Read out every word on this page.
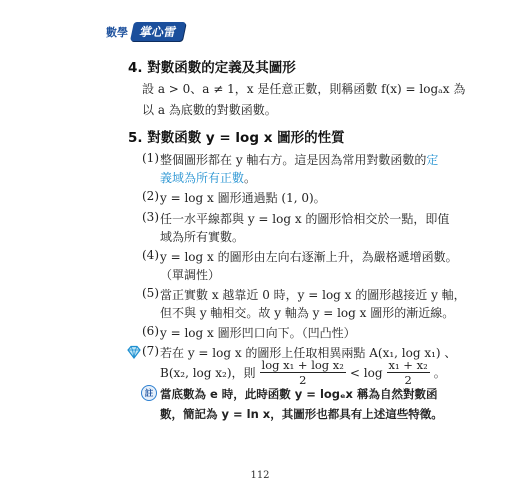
數學 掌心雷
4. 對數函數的定義及其圖形
設 a > 0、a ≠ 1，x 是任意正數，則稱函數 f(x) = logₐx 為
以 a 為底數的對數函數。
5. 對數函數 y = log x 圖形的性質
(1) 整個圖形都在 y 軸右方。這是因為常用對數函數的定
義域為所有正數。
(2) y = log x 圖形通過點 (1, 0)。
(3) 任一水平線都與 y = log x 的圖形恰相交於一點，即值
域為所有實數。
(4) y = log x 的圖形由左向右逐漸上升，為嚴格遞增函數。
（單調性）
(5) 當正實數 x 越靠近 0 時，y = log x 的圖形越接近 y 軸，
但不與 y 軸相交。故 y 軸為 y = log x 圖形的漸近線。
(6) y = log x 圖形凹口向下。（凹凸性）
(7) 若在 y = log x 的圖形上任取相異兩點 A(x₁, log x₁) 、
B(x₂, log x₂)，則 $\frac{\text{log x₁ + log x₂}}{2} < \log \frac{\text{x₁ + x₂}}{2}$ 。
註 當底數為 e 時，此時函數 y = logₑx 稱為自然對數函
數，簡記為 y = ln x，其圖形也都具有上述這些特徵。
112
